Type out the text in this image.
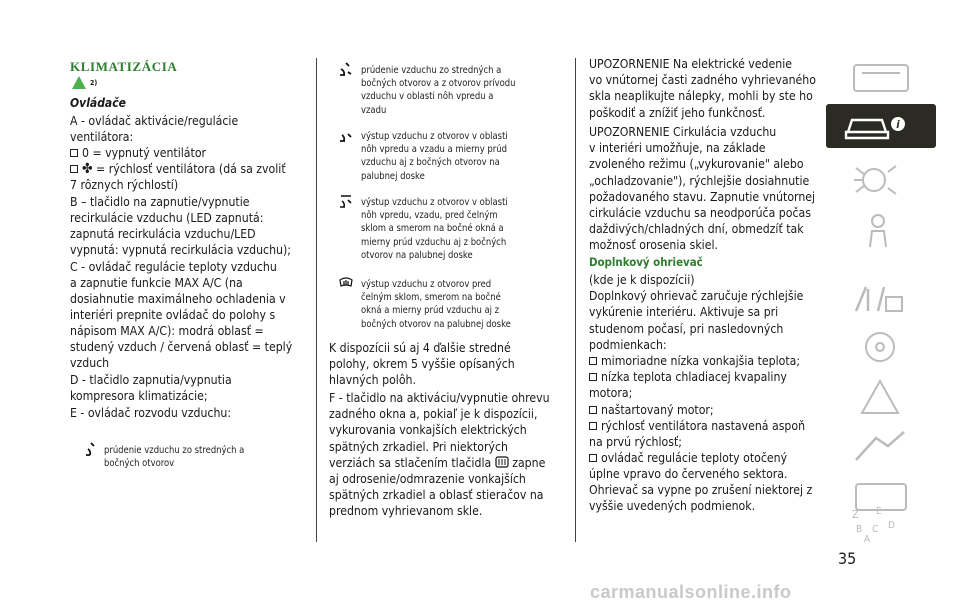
KLIMATIZÁCIA
2)
Ovládače
A - ovládač aktivácie/regulácie
ventilátora:
0 = vypnutý ventilátor
✤ = rýchlosť ventilátora (dá sa zvoliť
7 rôznych rýchlostí)
B – tlačidlo na zapnutie/vypnutie
recirkulácie vzduchu (LED zapnutá:
zapnutá recirkulácia vzduchu/LED
vypnutá: vypnutá recirkulácia vzduchu);
C - ovládač regulácie teploty vzduchu
a zapnutie funkcie MAX A/C (na
dosiahnutie maximálneho ochladenia v
interiéri prepnite ovládač do polohy s
nápisom MAX A/C): modrá oblasť =
studený vzduch / červená oblasť = teplý
vzduch
D - tlačidlo zapnutia/vypnutia
kompresora klimatizácie;
E - ovládač rozvodu vzduchu:
prúdenie vzduchu zo stredných a
bočných otvorov
prúdenie vzduchu zo stredných a
bočných otvorov a z otvorov prívodu
vzduchu v oblasti nôh vpredu a
vzadu
výstup vzduchu z otvorov v oblasti
nôh vpredu a vzadu a mierny prúd
vzduchu aj z bočných otvorov na
palubnej doske
výstup vzduchu z otvorov v oblasti
nôh vpredu, vzadu, pred čelným
sklom a smerom na bočné okná a
mierny prúd vzduchu aj z bočných
otvorov na palubnej doske
výstup vzduchu z otvorov pred
čelným sklom, smerom na bočné
okná a mierny prúd vzduchu aj z
bočných otvorov na palubnej doske
K dispozícii sú aj 4 ďalšie stredné
polohy, okrem 5 vyššie opísaných
hlavných polôh.
F - tlačidlo na aktiváciu/vypnutie ohrevu
zadného okna a, pokiaľ je k dispozícii,
vykurovania vonkajších elektrických
spätných zrkadiel. Pri niektorých
verziách sa stlačením tlačidla zapne
aj odrosenie/odmrazenie vonkajších
spätných zrkadiel a oblasť stieračov na
prednom vyhrievanom skle.
UPOZORNENIE Na elektrické vedenie
vo vnútornej časti zadného vyhrievaného
skla neaplikujte nálepky, mohli by ste ho
poškodiť a znížiť jeho funkčnosť.
UPOZORNENIE Cirkulácia vzduchu
v interiéri umožňuje, na základe
zvoleného režimu („vykurovanie" alebo
„ochladzovanie"), rýchlejšie dosiahnutie
požadovaného stavu. Zapnutie vnútornej
cirkulácie vzduchu sa neodporúča počas
daždivých/chladných dní, obmedzíť tak
možnosť orosenia skiel.
Doplnkový ohrievač
(kde je k dispozícii)
Doplnkový ohrievač zaručuje rýchlejšie
vykúrenie interiéru. Aktivuje sa pri
studenom počasí, pri nasledovných
podmienkach:
mimoriadne nízka vonkajšia teplota;
nízka teplota chladiacej kvapaliny
motora;
naštartovaný motor;
rýchlosť ventilátora nastavená aspoň
na prvú rýchlosť;
ovládač regulácie teploty otočený
úplne vpravo do červeného sektora.
Ohrievač sa vypne po zrušení niektorej z
vyššie uvedených podmienok.
i
Z E
B C D
A
35
carmanualsonline.info
